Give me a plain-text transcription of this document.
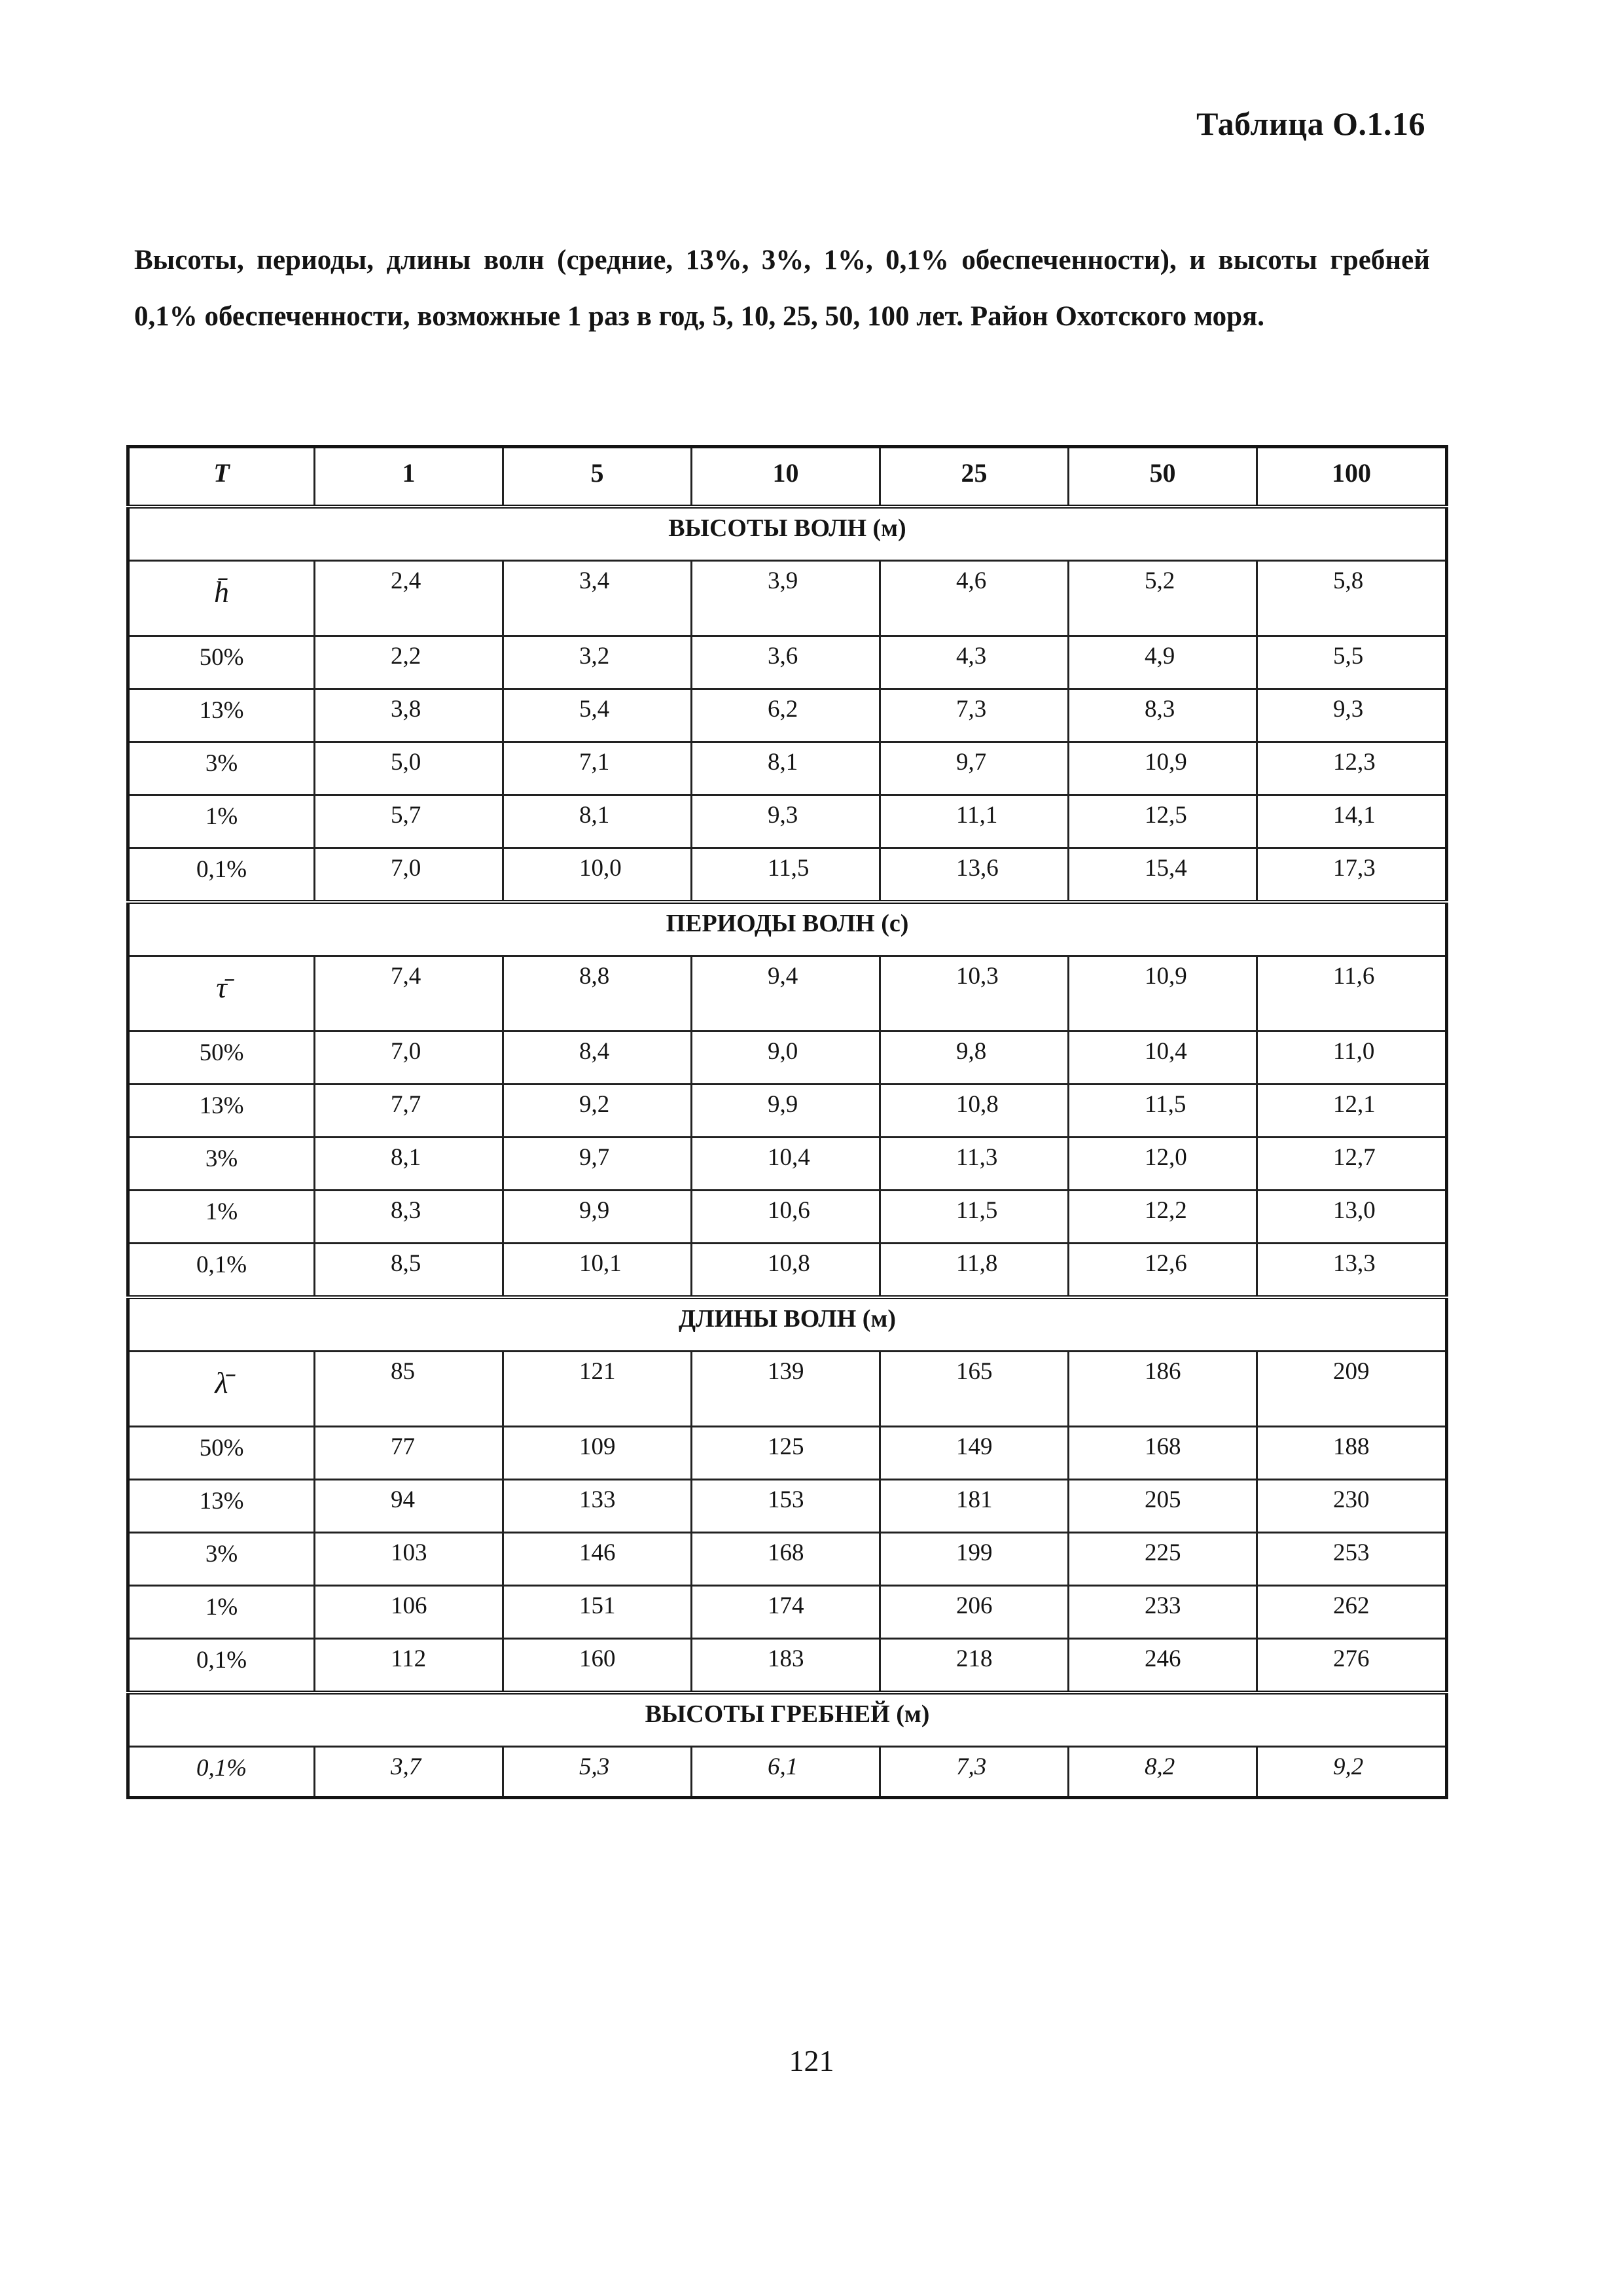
Таблица О.1.16
Высоты, периоды, длины волн (средние, 13%, 3%, 1%, 0,1% обеспеченности), и высоты гребней 0,1% обеспеченности, возможные 1 раз в год, 5, 10, 25, 50, 100 лет. Район Охотского моря.
T	1	5	10	25	50	100
ВЫСОТЫ ВОЛН (м)						
h̄	2,4	3,4	3,9	4,6	5,2	5,8
50%	2,2	3,2	3,6	4,3	4,9	5,5
13%	3,8	5,4	6,2	7,3	8,3	9,3
3%	5,0	7,1	8,1	9,7	10,9	12,3
1%	5,7	8,1	9,3	11,1	12,5	14,1
0,1%	7,0	10,0	11,5	13,6	15,4	17,3
ПЕРИОДЫ ВОЛН (с)						
τ̄	7,4	8,8	9,4	10,3	10,9	11,6
50%	7,0	8,4	9,0	9,8	10,4	11,0
13%	7,7	9,2	9,9	10,8	11,5	12,1
3%	8,1	9,7	10,4	11,3	12,0	12,7
1%	8,3	9,9	10,6	11,5	12,2	13,0
0,1%	8,5	10,1	10,8	11,8	12,6	13,3
ДЛИНЫ ВОЛН (м)						
λ̄	85	121	139	165	186	209
50%	77	109	125	149	168	188
13%	94	133	153	181	205	230
3%	103	146	168	199	225	253
1%	106	151	174	206	233	262
0,1%	112	160	183	218	246	276
ВЫСОТЫ ГРЕБНЕЙ (м)						
0,1%	3,7	5,3	6,1	7,3	8,2	9,2
121
